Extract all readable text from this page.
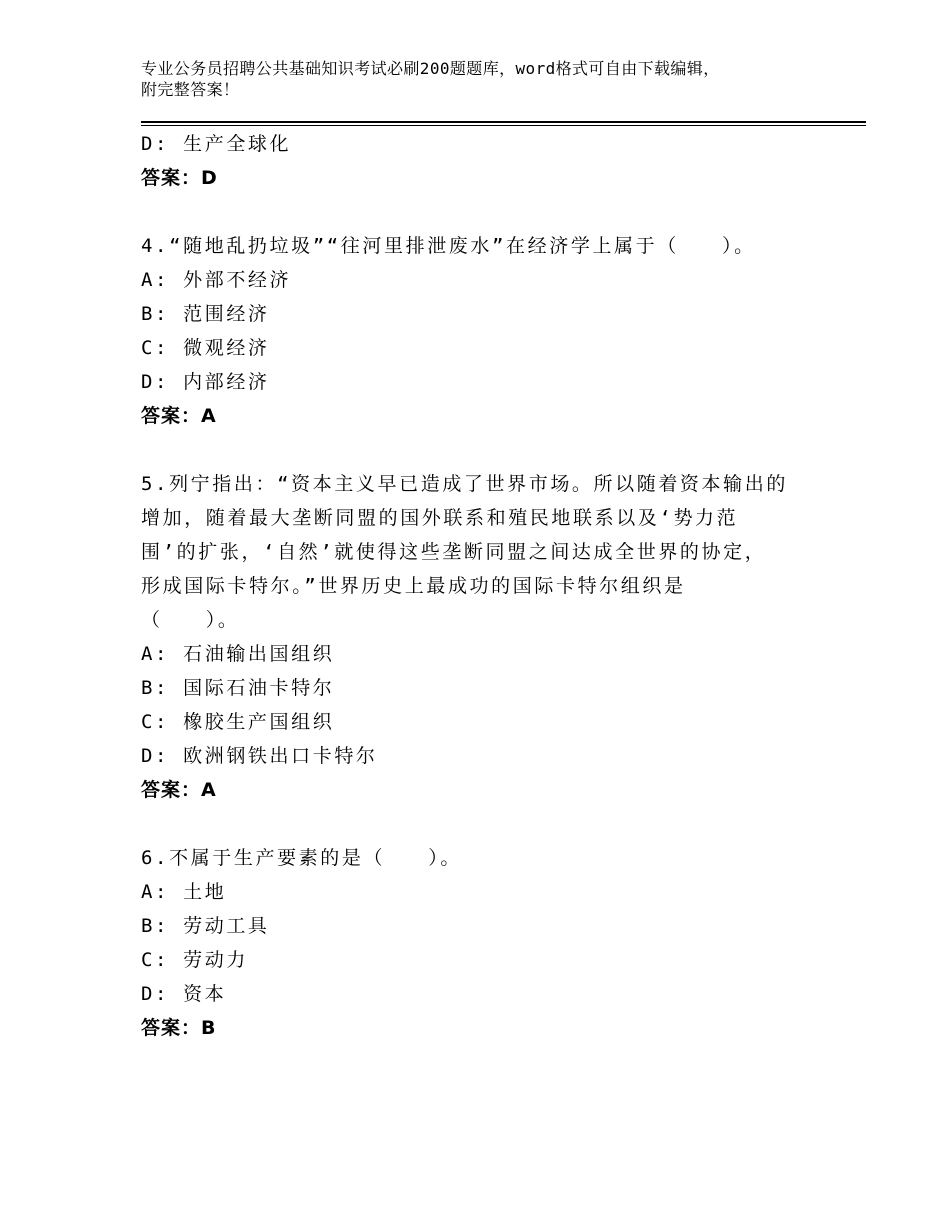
专业公务员招聘公共基础知识考试必刷200题题库，word格式可自由下载编辑，
附完整答案！
D: 生产全球化
答案：D
4.“随地乱扔垃圾”“往河里排泄废水”在经济学上属于（　　）。
A: 外部不经济
B: 范围经济
C: 微观经济
D: 内部经济
答案：A
5.列宁指出：“资本主义早已造成了世界市场。所以随着资本输出的
增加，随着最大垄断同盟的国外联系和殖民地联系以及‘势力范
围’的扩张，‘自然’就使得这些垄断同盟之间达成全世界的协定，
形成国际卡特尔。”世界历史上最成功的国际卡特尔组织是
（　　）。
A: 石油输出国组织
B: 国际石油卡特尔
C: 橡胶生产国组织
D: 欧洲钢铁出口卡特尔
答案：A
6.不属于生产要素的是（　　）。
A: 土地
B: 劳动工具
C: 劳动力
D: 资本
答案：B
